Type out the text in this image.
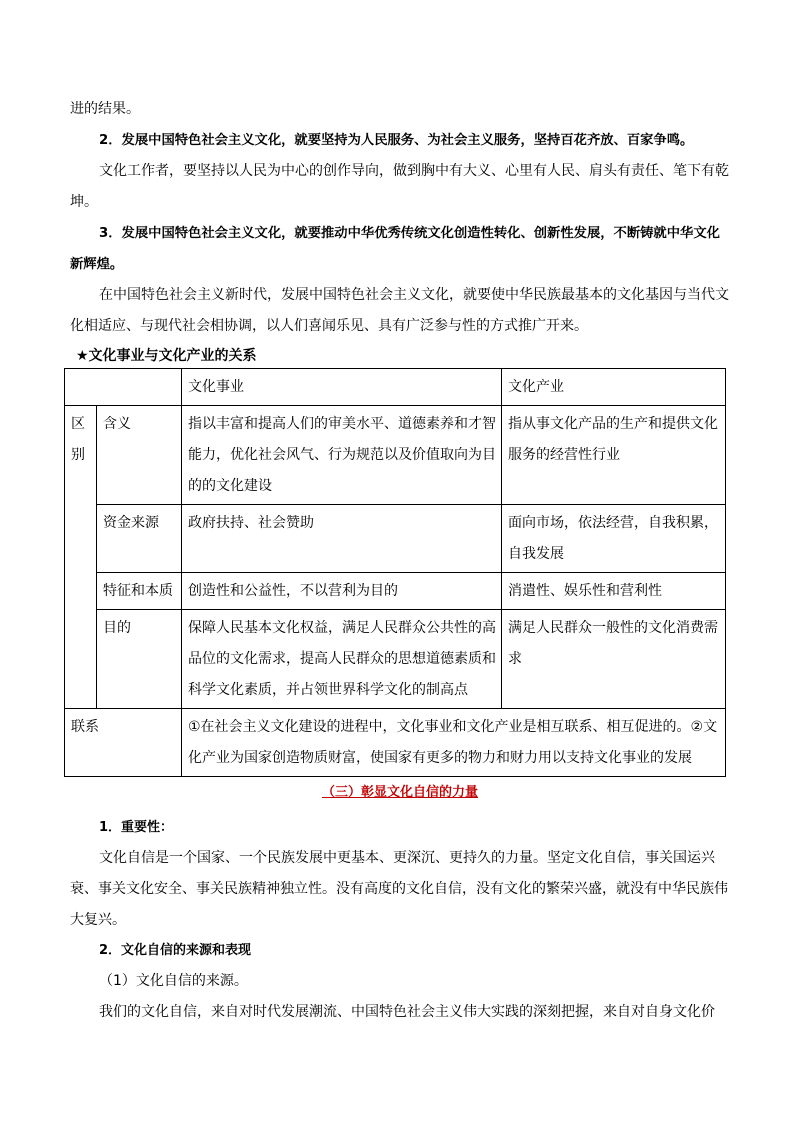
进的结果。

2．发展中国特色社会主义文化，就要坚持为人民服务、为社会主义服务，坚持百花齐放、百家争鸣。

文化工作者，要坚持以人民为中心的创作导向，做到胸中有大义、心里有人民、肩头有责任、笔下有乾坤。

3．发展中国特色社会主义文化，就要推动中华优秀传统文化创造性转化、创新性发展，不断铸就中华文化新辉煌。

在中国特色社会主义新时代，发展中国特色社会主义文化，就要使中华民族最基本的文化基因与当代文化相适应、与现代社会相协调，以人们喜闻乐见、具有广泛参与性的方式推广开来。

★文化事业与文化产业的关系

		文化事业	文化产业
区别	含义	指以丰富和提高人们的审美水平、道德素养和才智能力，优化社会风气、行为规范以及价值取向为目的的文化建设	指从事文化产品的生产和提供文化服务的经营性行业
	资金来源	政府扶持、社会赞助	面向市场，依法经营，自我积累，自我发展
	特征和本质	创造性和公益性，不以营利为目的	消遣性、娱乐性和营利性
	目的	保障人民基本文化权益，满足人民群众公共性的高品位的文化需求，提高人民群众的思想道德素质和科学文化素质，并占领世界科学文化的制高点	满足人民群众一般性的文化消费需求
联系		①在社会主义文化建设的进程中，文化事业和文化产业是相互联系、相互促进的。②文化产业为国家创造物质财富，使国家有更多的物力和财力用以支持文化事业的发展	

（三）彰显文化自信的力量

1．重要性：

文化自信是一个国家、一个民族发展中更基本、更深沉、更持久的力量。坚定文化自信，事关国运兴衰、事关文化安全、事关民族精神独立性。没有高度的文化自信，没有文化的繁荣兴盛，就没有中华民族伟大复兴。

2．文化自信的来源和表现

（1）文化自信的来源。

我们的文化自信，来自对时代发展潮流、中国特色社会主义伟大实践的深刻把握，来自对自身文化价
